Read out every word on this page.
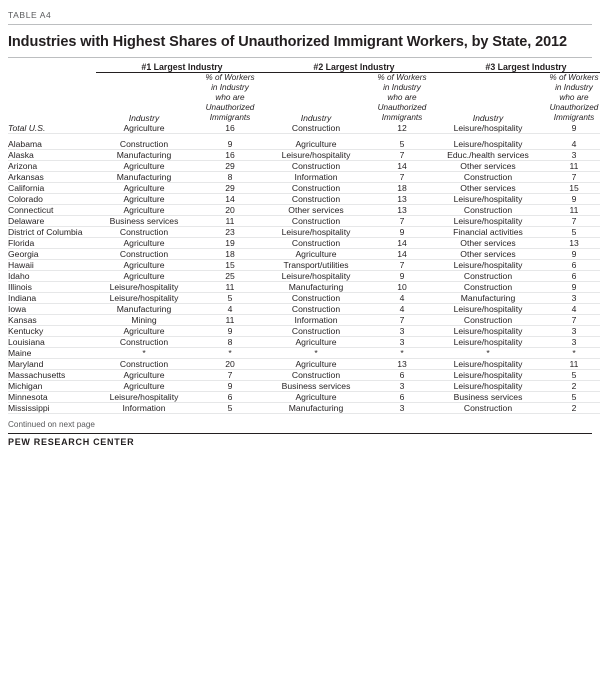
TABLE A4
Industries with Highest Shares of Unauthorized Immigrant Workers, by State, 2012

	#1 Largest Industry		#2 Largest Industry		#3 Largest Industry	

	Industry	% of Workers
in Industry
who are
Unauthorized
Immigrants	Industry	% of Workers
in Industry
who are
Unauthorized
Immigrants	Industry	% of Workers
in Industry
who are
Unauthorized
Immigrants
Total U.S.	Agriculture	16	Construction	12	Leisure/hospitality	9

Alabama	Construction	9	Agriculture	5	Leisure/hospitality	4
Alaska	Manufacturing	16	Leisure/hospitality	7	Educ./health services	3
Arizona	Agriculture	29	Construction	14	Other services	11
Arkansas	Manufacturing	8	Information	7	Construction	7
California	Agriculture	29	Construction	18	Other services	15
Colorado	Agriculture	14	Construction	13	Leisure/hospitality	9
Connecticut	Agriculture	20	Other services	13	Construction	11
Delaware	Business services	11	Construction	7	Leisure/hospitality	7
District of Columbia	Construction	23	Leisure/hospitality	9	Financial activities	5
Florida	Agriculture	19	Construction	14	Other services	13
Georgia	Construction	18	Agriculture	14	Other services	9
Hawaii	Agriculture	15	Transport/utilities	7	Leisure/hospitality	6
Idaho	Agriculture	25	Leisure/hospitality	9	Construction	6
Illinois	Leisure/hospitality	11	Manufacturing	10	Construction	9
Indiana	Leisure/hospitality	5	Construction	4	Manufacturing	3
Iowa	Manufacturing	4	Construction	4	Leisure/hospitality	4
Kansas	Mining	11	Information	7	Construction	7
Kentucky	Agriculture	9	Construction	3	Leisure/hospitality	3
Louisiana	Construction	8	Agriculture	3	Leisure/hospitality	3
Maine	*	*	*	*	*	*
Maryland	Construction	20	Agriculture	13	Leisure/hospitality	11
Massachusetts	Agriculture	7	Construction	6	Leisure/hospitality	5
Michigan	Agriculture	9	Business services	3	Leisure/hospitality	2
Minnesota	Leisure/hospitality	6	Agriculture	6	Business services	5
Mississippi	Information	5	Manufacturing	3	Construction	2
Continued on next page
PEW RESEARCH CENTER
